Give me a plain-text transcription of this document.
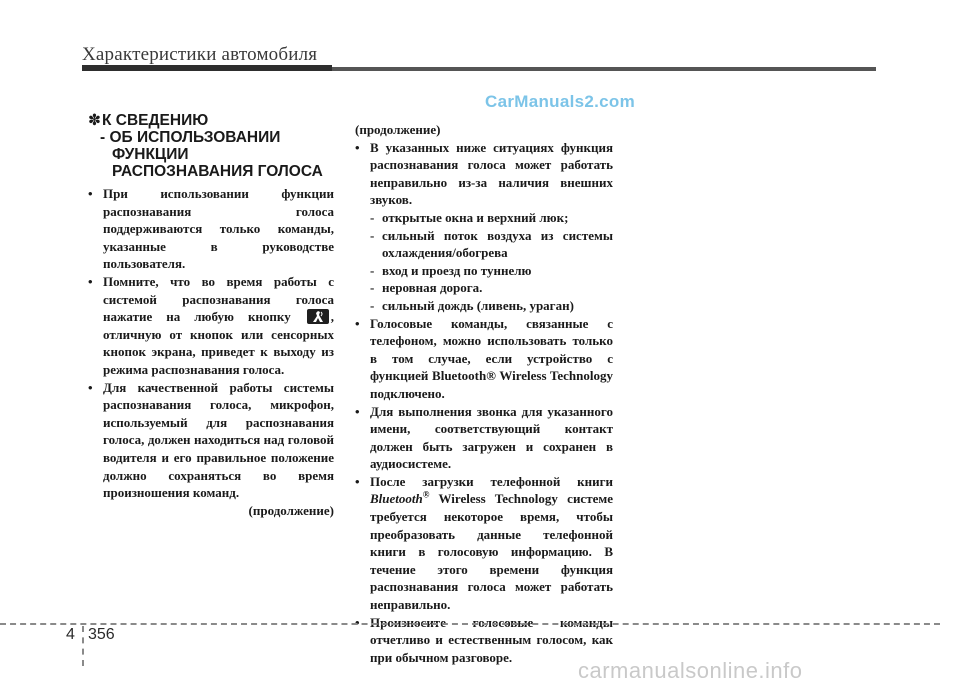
Характеристики автомобиля
CarManuals2.com
✽К СВЕДЕНИЮ
- ОБ ИСПОЛЬЗОВАНИИ
ФУНКЦИИ
РАСПОЗНАВАНИЯ ГОЛОСА

• При использовании функции распознавания голоса поддерживаются только команды, указанные в руководстве пользователя.

• Помните, что во время работы с системой распознавания голоса нажатие на любую кнопку	, отличную от кнопок или сенсорных кнопок экрана, приведет к выходу из режима распознавания голоса.

• Для качественной работы системы распознавания голоса, микрофон, используемый для распознавания голоса, должен находиться над головой водителя и его правильное положение должно сохраняться во время произношения команд.

(продолжение)

(продолжение)

• В указанных ниже ситуациях функция распознавания голоса может работать неправильно из-за наличия внешних звуков.

- открытые окна и верхний люк;

- сильный поток воздуха из системы охлаждения/обогрева

- вход и проезд по туннелю

- неровная дорога.

- сильный дождь (ливень, ураган)

• Голосовые команды, связанные с телефоном, можно использовать только в том случае, если устройство с функцией Bluetooth® Wireless Technology подключено.

• Для выполнения звонка для указанного имени, соответствующий контакт должен быть загружен и сохранен в аудиосистеме.

• После загрузки телефонной книги Bluetooth® Wireless Technology системе требуется некоторое время, чтобы преобразовать данные телефонной книги в голосовую информацию. В течение этого времени функция распознавания голоса может работать неправильно.

• Произносите голосовые команды отчетливо и естественным голосом, как при обычном разговоре.

4 356
carmanualsonline.info
